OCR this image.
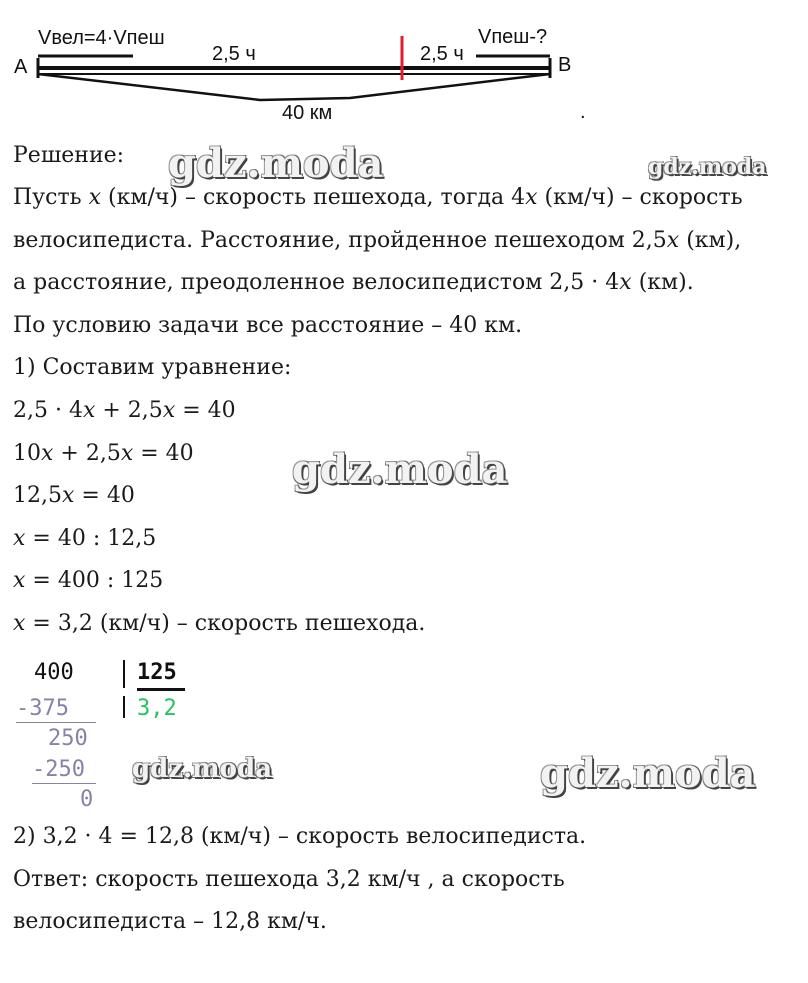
A	B
Vвел=4·Vпеш	Vпеш-?
2,5 ч	2,5 ч
40 км	.
gdz.moda	gdz.moda
gdz.moda
gdz.moda	gdz.moda
Решение:
Пусть x (км/ч) – скорость пешехода, тогда 4x (км/ч) – скорость
велосипедиста. Расстояние, пройденное пешеходом 2,5x (км),
а расстояние, преодоленное велосипедистом 2,5 · 4x (км).
По условию задачи все расстояние – 40 км.
1) Составим уравнение:
2,5 · 4x + 2,5x = 40
10x + 2,5x = 40
12,5x = 40
x = 40 : 12,5
x = 400 : 125
x = 3,2 (км/ч) – скорость пешехода.
400	125
3,2
-375
250
-250
0
2) 3,2 · 4 = 12,8 (км/ч) – скорость велосипедиста.
Ответ: скорость пешехода 3,2 км/ч , а скорость
велосипедиста – 12,8 км/ч.
